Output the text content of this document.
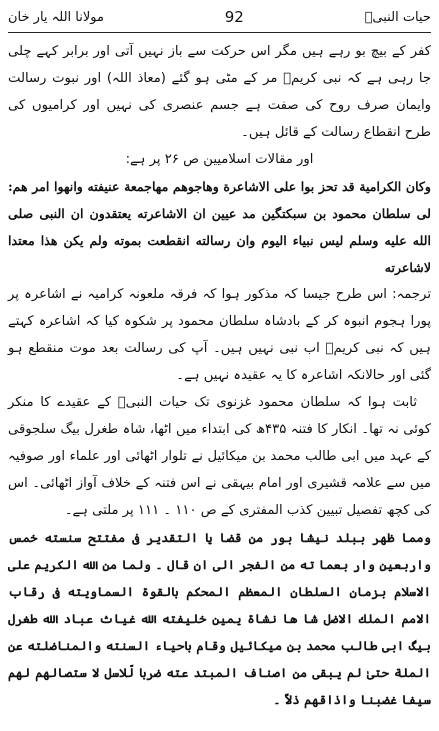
مولانا اللہ یار خان	92	حیات النبیؐ

کفر کے بیچ بو رہے ہیں مگر اس حرکت سے باز نہیں آتی اور برابر کہے چلی جا رہی ہے کہ نبی کریمؐ مر کے مٹی ہو گئے (معاذ اللہ) اور نبوت رسالت وایمان صرف روح کی صفت ہے جسم عنصری کی نہیں اور کرامیوں کی طرح انقطاع رسالت کے قائل ہیں۔

اور مقالات اسلامیین ص ۲۶ پر ہے:

وكان الكرامية قد تحز بوا على الاشاعرة وهاجوهم مهاجمعة عنيفته وانهوا امر هم: لى سلطان محمود بن سبكتگين مد عيين ان الاشاعرته يعتقدون ان النبى صلى الله عليه وسلم ليس نبياء اليوم وان رسالته انقطعت بموته ولم يكن هذا معتدا لاشاعرته

ترجمہ: اس طرح جیسا کہ مذکور ہوا کہ فرقہ ملعونہ کرامیہ نے اشاعرہ پر پورا ہجوم انبوہ کر کے بادشاہ سلطان محمود پر شکوہ کیا کہ اشاعرہ کہتے ہیں کہ نبی کریمؐ اب نبی نہیں ہیں۔ آپ کی رسالت بعد موت منقطع ہو گئی اور حالانکہ اشاعرہ کا یہ عقیدہ نہیں ہے۔

ثابت ہوا کہ سلطان محمود غزنوی تک حیات النبیؐ کے عقیدے کا منکر کوئی نہ تھا۔ انکار کا فتنہ ۴۳۵ھ کی ابتداء میں اٹھا، شاہ طغرل بیگ سلجوقی کے عہد میں ابی طالب محمد بن میکائیل نے تلوار اٹھائی اور علماء اور صوفیہ میں سے علامہ قشیری اور امام بیہقی نے اس فتنہ کے خلاف آواز اٹھائی۔ اس کی کچھ تفصیل تبیین کذب المفتری کے ص ۱۱۰ ۔ ۱۱۱ پر ملتی ہے۔

ومما ظهر ببلد نيشا بور من قضا يا التقدير فى مفتتح سنسته خمس واربعين وار بعما ته من الفجر الى ان قال ۔ ولما من الله الكريم على الاسلام بزمان السلطان المعظم المحكم بالقوة السماويته فى رقاب الامم الملك الاضل شا ها نشاة يمين خليفته الله غياث عباد الله طغرل بيگ ابى طالب محمد بن ميكائيل وقام باحياء السنته والمناضلته عن الملة حتىٰ لم يبقى من اصناف المبتد عته ضربا لّلاسل لا ستصالهم لهم سيفا غضبنا واذاقهم ذلاً ۔
